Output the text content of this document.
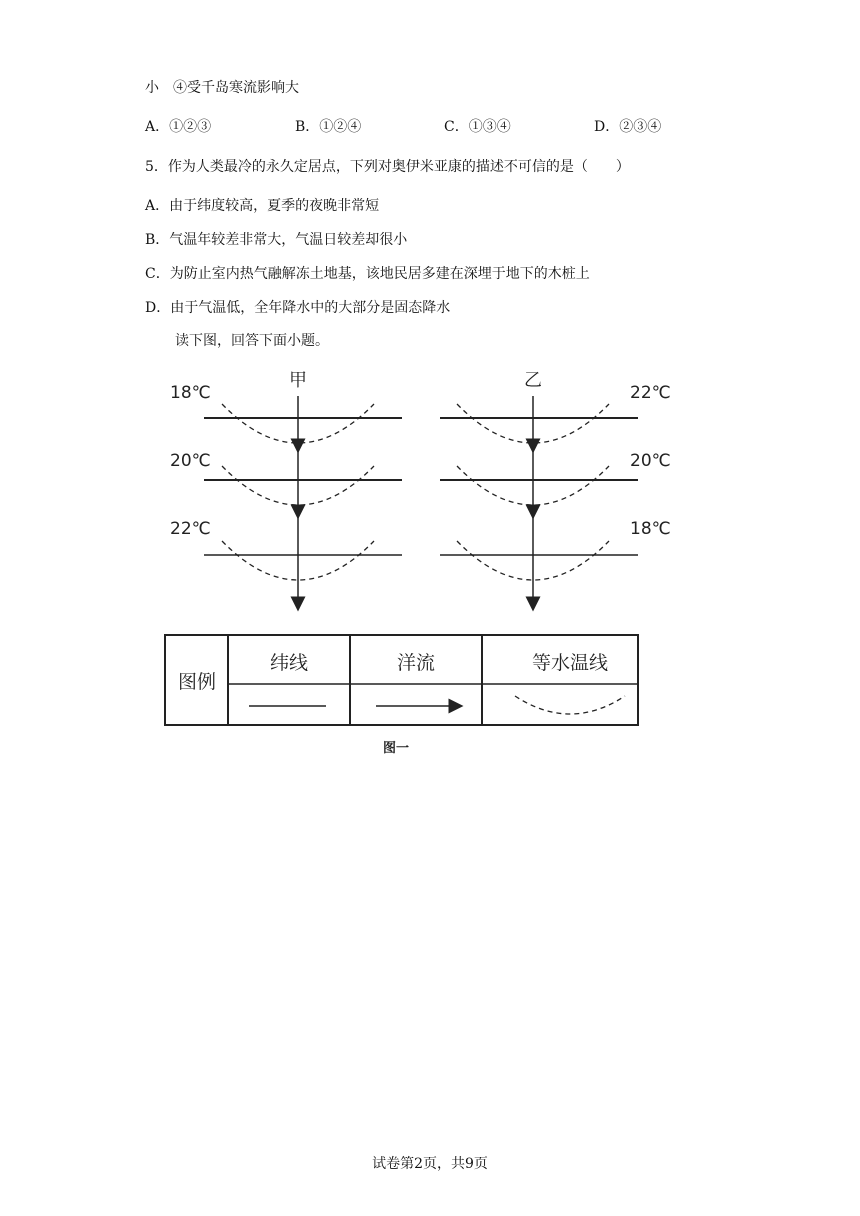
小　④受千岛寒流影响大
A．①②③	B．①②④	C．①③④	D．②③④
5．作为人类最冷的永久定居点，下列对奥伊米亚康的描述不可信的是（　　）
A．由于纬度较高，夏季的夜晚非常短
B．气温年较差非常大，气温日较差却很小
C．为防止室内热气融解冻土地基，该地民居多建在深埋于地下的木桩上
D．由于气温低，全年降水中的大部分是固态降水
读下图，回答下面小题。
甲
18℃
20℃
22℃
乙
22℃
20℃
18℃
图例
纬线	洋流	等水温线
图一
试卷第2页，共9页
